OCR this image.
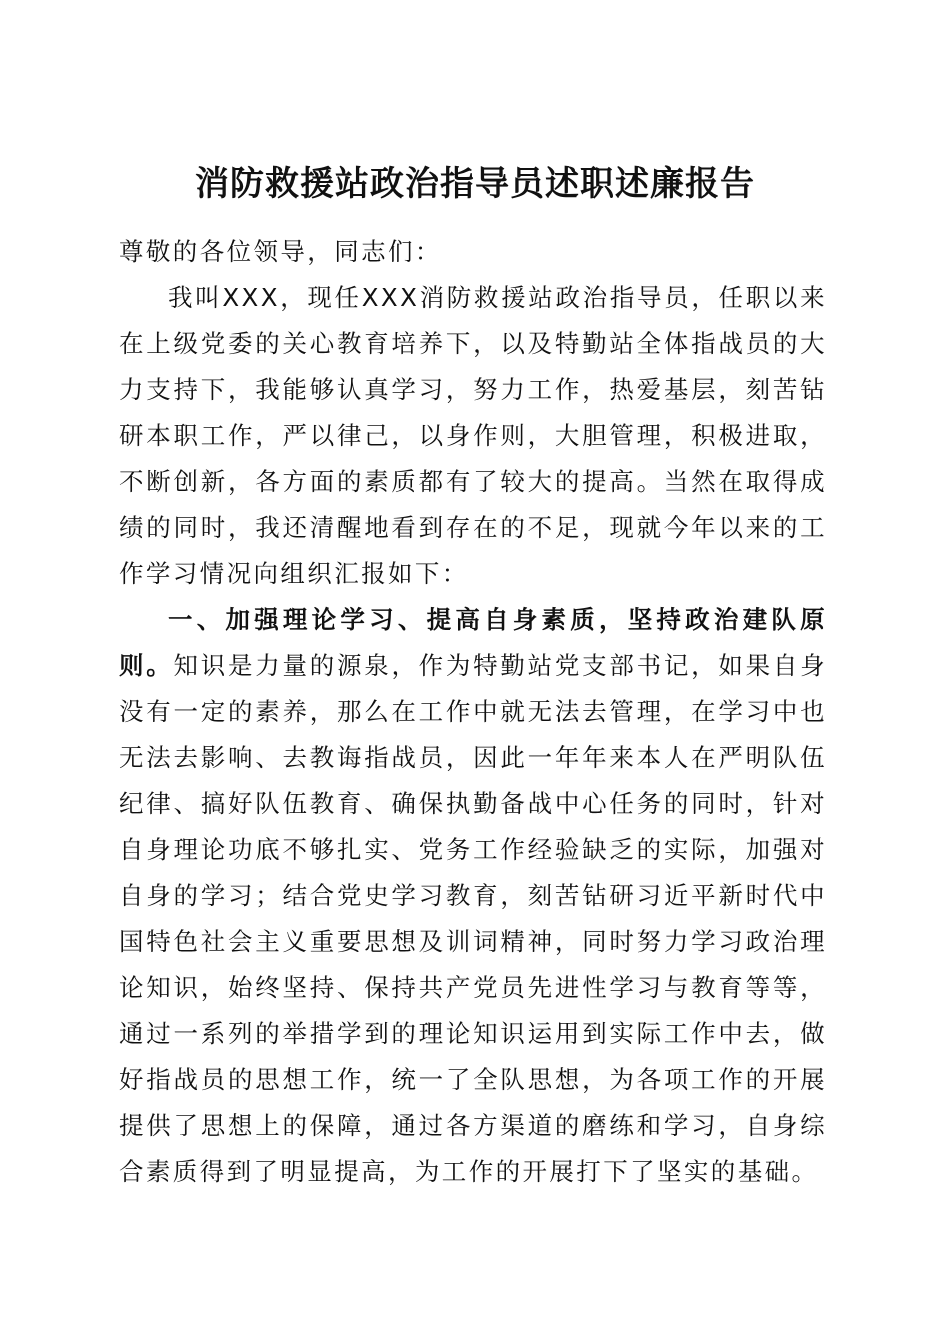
消防救援站政治指导员述职述廉报告

尊敬的各位领导，同志们：

我叫XXX，现任XXX消防救援站政治指导员，任职以来在上级党委的关心教育培养下，以及特勤站全体指战员的大力支持下，我能够认真学习，努力工作，热爱基层，刻苦钻研本职工作，严以律己，以身作则，大胆管理，积极进取，不断创新，各方面的素质都有了较大的提高。当然在取得成绩的同时，我还清醒地看到存在的不足，现就今年以来的工作学习情况向组织汇报如下：

一、加强理论学习、提高自身素质，坚持政治建队原则。知识是力量的源泉，作为特勤站党支部书记，如果自身没有一定的素养，那么在工作中就无法去管理，在学习中也无法去影响、去教诲指战员，因此一年年来本人在严明队伍纪律、搞好队伍教育、确保执勤备战中心任务的同时，针对自身理论功底不够扎实、党务工作经验缺乏的实际，加强对自身的学习；结合党史学习教育，刻苦钻研习近平新时代中国特色社会主义重要思想及训词精神，同时努力学习政治理论知识，始终坚持、保持共产党员先进性学习与教育等等，通过一系列的举措学到的理论知识运用到实际工作中去，做好指战员的思想工作，统一了全队思想，为各项工作的开展提供了思想上的保障，通过各方渠道的磨练和学习，自身综合素质得到了明显提高，为工作的开展打下了坚实的基础。
